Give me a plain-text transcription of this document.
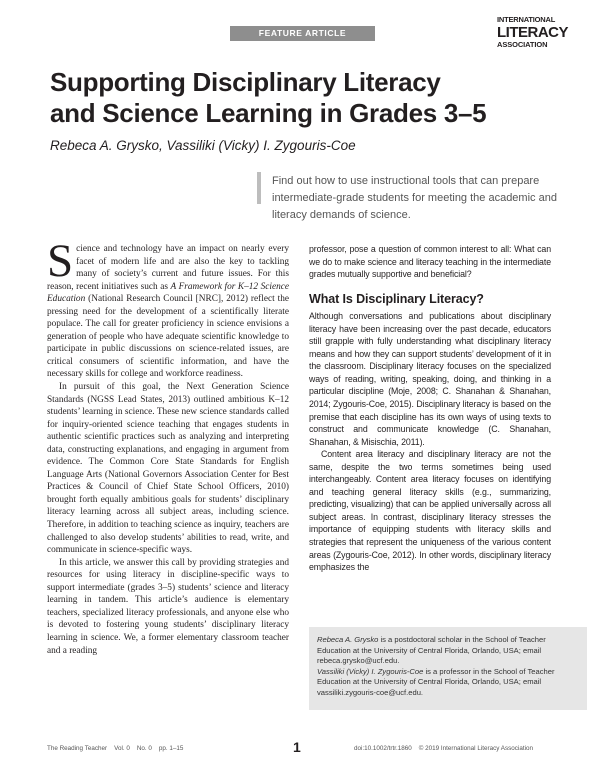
FEATURE ARTICLE
INTERNATIONAL
LITERACY
ASSOCIATION
Supporting Disciplinary Literacy
and Science Learning in Grades 3–5
Rebeca A. Grysko, Vassiliki (Vicky) I. Zygouris-Coe
Find out how to use instructional tools that can prepare intermediate-grade students for meeting the academic and literacy demands of science.

Science and technology have an impact on nearly every facet of modern life and are also the key to tackling many of society’s current and future issues. For this reason, recent initiatives such as A Framework for K–12 Science Education (National Research Council [NRC], 2012) reflect the pressing need for the development of a scientifically literate populace. The call for greater proficiency in science envisions a generation of people who have adequate scientific knowledge to participate in public discussions on science-related issues, are critical consumers of scientific information, and have the necessary skills for college and workforce readiness.

In pursuit of this goal, the Next Generation Science Standards (NGSS Lead States, 2013) outlined ambitious K–12 students’ learning in science. These new science standards called for inquiry-oriented science teaching that engages students in authentic scientific practices such as analyzing and interpreting data, constructing explanations, and engaging in argument from evidence. The Common Core State Standards for English Language Arts (National Governors Association Center for Best Practices & Council of Chief State School Officers, 2010) brought forth equally ambitious goals for students’ disciplinary literacy learning across all subject areas, including science. Therefore, in addition to teaching science as inquiry, teachers are challenged to also develop students’ abilities to read, write, and communicate in science-specific ways.

In this article, we answer this call by providing strategies and resources for using literacy in discipline-specific ways to support intermediate (grades 3–5) students’ science and literacy learning in tandem. This article’s audience is elementary teachers, specialized literacy professionals, and anyone else who is devoted to fostering young students’ disciplinary literacy learning in science. We, a former elementary classroom teacher and a reading

professor, pose a question of common interest to all: What can we do to make science and literacy teaching in the intermediate grades mutually supportive and beneficial?

What Is Disciplinary Literacy?

Although conversations and publications about disciplinary literacy have been increasing over the past decade, educators still grapple with fully understanding what disciplinary literacy means and how they can support students’ development of it in the classroom. Disciplinary literacy focuses on the specialized ways of reading, writing, speaking, doing, and thinking in a particular discipline (Moje, 2008; C. Shanahan & Shanahan, 2014; Zygouris-Coe, 2015). Disciplinary literacy is based on the premise that each discipline has its own ways of using texts to construct and communicate knowledge (C. Shanahan, Shanahan, & Misischia, 2011).

Content area literacy and disciplinary literacy are not the same, despite the two terms sometimes being used interchangeably. Content area literacy focuses on identifying and teaching general literacy skills (e.g., summarizing, predicting, visualizing) that can be applied universally across all subject areas. In contrast, disciplinary literacy stresses the importance of equipping students with literacy skills and strategies that represent the uniqueness of the various content areas (Zygouris-Coe, 2012). In other words, disciplinary literacy emphasizes the

Rebeca A. Grysko is a postdoctoral scholar in the School of Teacher Education at the University of Central Florida, Orlando, USA; email rebeca.grysko@ucf.edu.

Vassiliki (Vicky) I. Zygouris-Coe is a professor in the School of Teacher Education at the University of Central Florida, Orlando, USA; email vassiliki.zygouris-coe@ucf.edu.

The Reading Teacher Vol. 0 No. 0 pp. 1–15	1	doi:10.1002/trtr.1860 © 2019 International Literacy Association
